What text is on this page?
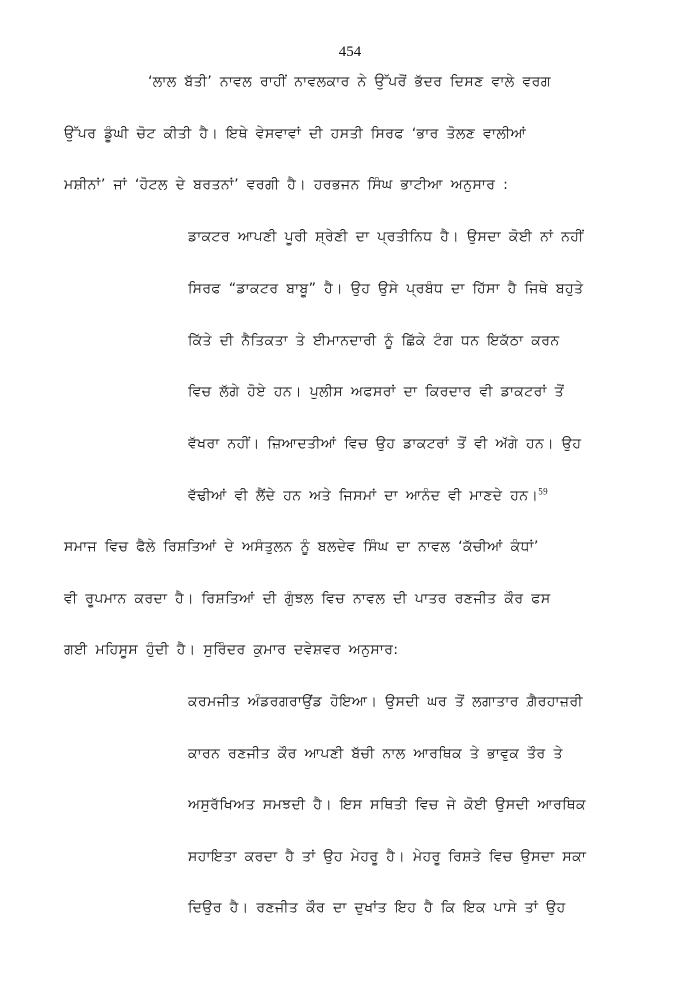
454
‘ਲਾਲ ਬੱਤੀ’ ਨਾਵਲ ਰਾਹੀਂ ਨਾਵਲਕਾਰ ਨੇ ਉੱਪਰੋਂ ਭੱਦਰ ਦਿਸਣ ਵਾਲੇ ਵਰਗ
ਉੱਪਰ ਡੂੰਘੀ ਚੋਟ ਕੀਤੀ ਹੈ। ਇਥੇ ਵੇਸਵਾਵਾਂ ਦੀ ਹਸਤੀ ਸਿਰਫ ‘ਭਾਰ ਤੋਲਣ ਵਾਲੀਆਂ
ਮਸ਼ੀਨਾਂ’ ਜਾਂ ‘ਹੋਟਲ ਦੇ ਬਰਤਨਾਂ’ ਵਰਗੀ ਹੈ। ਹਰਭਜਨ ਸਿੰਘ ਭਾਟੀਆ ਅਨੁਸਾਰ :
ਡਾਕਟਰ ਆਪਣੀ ਪੂਰੀ ਸ਼੍ਰੇਣੀ ਦਾ ਪ੍ਰਤੀਨਿਧ ਹੈ। ਉਸਦਾ ਕੋਈ ਨਾਂ ਨਹੀਂ
ਸਿਰਫ “ਡਾਕਟਰ ਬਾਬੂ” ਹੈ। ਉਹ ਉਸੇ ਪ੍ਰਬੰਧ ਦਾ ਹਿੱਸਾ ਹੈ ਜਿਥੇ ਬਹੁਤੇ
ਕਿੱਤੇ ਦੀ ਨੈਤਿਕਤਾ ਤੇ ਈਮਾਨਦਾਰੀ ਨੂੰ ਛਿੱਕੇ ਟੰਗ ਧਨ ਇਕੱਠਾ ਕਰਨ
ਵਿਚ ਲੱਗੇ ਹੋਏ ਹਨ। ਪੁਲੀਸ ਅਫਸਰਾਂ ਦਾ ਕਿਰਦਾਰ ਵੀ ਡਾਕਟਰਾਂ ਤੋਂ
ਵੱਖਰਾ ਨਹੀਂ। ਜ਼ਿਆਦਤੀਆਂ ਵਿਚ ਉਹ ਡਾਕਟਰਾਂ ਤੋਂ ਵੀ ਅੱਗੇ ਹਨ। ਉਹ
ਵੱਢੀਆਂ ਵੀ ਲੈਂਦੇ ਹਨ ਅਤੇ ਜਿਸਮਾਂ ਦਾ ਆਨੰਦ ਵੀ ਮਾਣਦੇ ਹਨ।$^{59}$
ਸਮਾਜ ਵਿਚ ਫੈਲੇ ਰਿਸ਼ਤਿਆਂ ਦੇ ਅਸੰਤੁਲਨ ਨੂੰ ਬਲਦੇਵ ਸਿੰਘ ਦਾ ਨਾਵਲ ‘ਕੱਚੀਆਂ ਕੰਧਾਂ’
ਵੀ ਰੂਪਮਾਨ ਕਰਦਾ ਹੈ। ਰਿਸ਼ਤਿਆਂ ਦੀ ਗੁੰਝਲ ਵਿਚ ਨਾਵਲ ਦੀ ਪਾਤਰ ਰਣਜੀਤ ਕੌਰ ਫਸ
ਗਈ ਮਹਿਸੂਸ ਹੁੰਦੀ ਹੈ। ਸੁਰਿੰਦਰ ਕੁਮਾਰ ਦਵੇਸ਼ਵਰ ਅਨੁਸਾਰ:
ਕਰਮਜੀਤ ਅੰਡਰਗਰਾਉਂਡ ਹੋਇਆ। ਉਸਦੀ ਘਰ ਤੋਂ ਲਗਾਤਾਰ ਗ਼ੈਰਹਾਜ਼ਰੀ
ਕਾਰਨ ਰਣਜੀਤ ਕੌਰ ਆਪਣੀ ਬੱਚੀ ਨਾਲ ਆਰਥਿਕ ਤੇ ਭਾਵੁਕ ਤੌਰ ਤੇ
ਅਸੁਰੱਖਿਅਤ ਸਮਝਦੀ ਹੈ। ਇਸ ਸਥਿਤੀ ਵਿਚ ਜੇ ਕੋਈ ਉਸਦੀ ਆਰਥਿਕ
ਸਹਾਇਤਾ ਕਰਦਾ ਹੈ ਤਾਂ ਉਹ ਮੇਹਰੂ ਹੈ। ਮੇਹਰੂ ਰਿਸ਼ਤੇ ਵਿਚ ਉਸਦਾ ਸਕਾ
ਦਿਉਰ ਹੈ। ਰਣਜੀਤ ਕੌਰ ਦਾ ਦੁਖਾਂਤ ਇਹ ਹੈ ਕਿ ਇਕ ਪਾਸੇ ਤਾਂ ਉਹ
